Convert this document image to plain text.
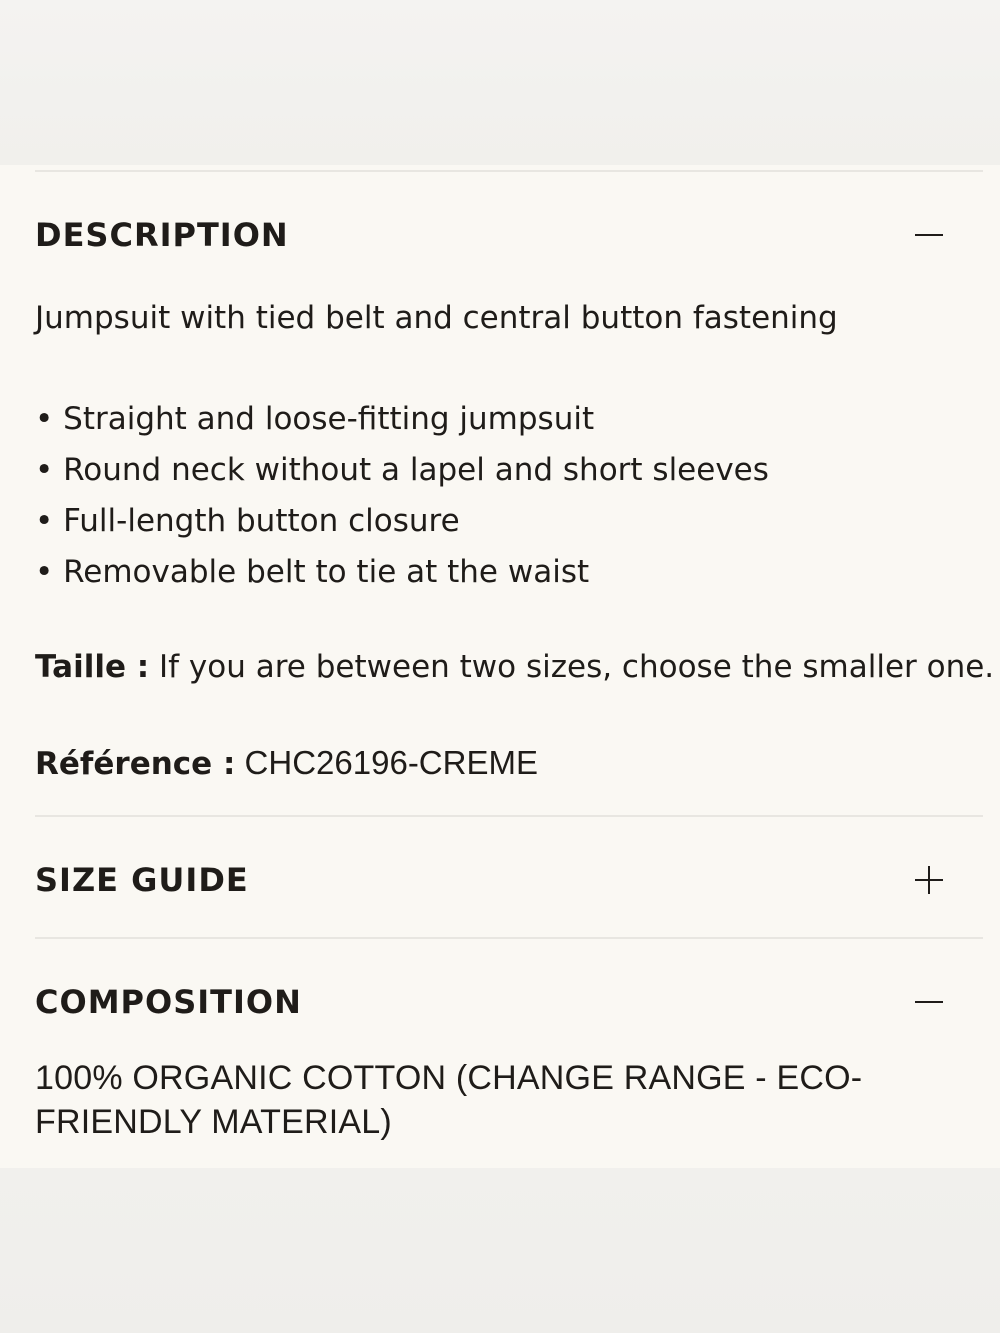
DESCRIPTION
Jumpsuit with tied belt and central button fastening
• Straight and loose-fitting jumpsuit
• Round neck without a lapel and short sleeves
• Full-length button closure
• Removable belt to tie at the waist
Taille : If you are between two sizes, choose the smaller one.
Référence : CHC26196-CREME
SIZE GUIDE
COMPOSITION
100% ORGANIC COTTON (CHANGE RANGE - ECO-FRIENDLY MATERIAL)
